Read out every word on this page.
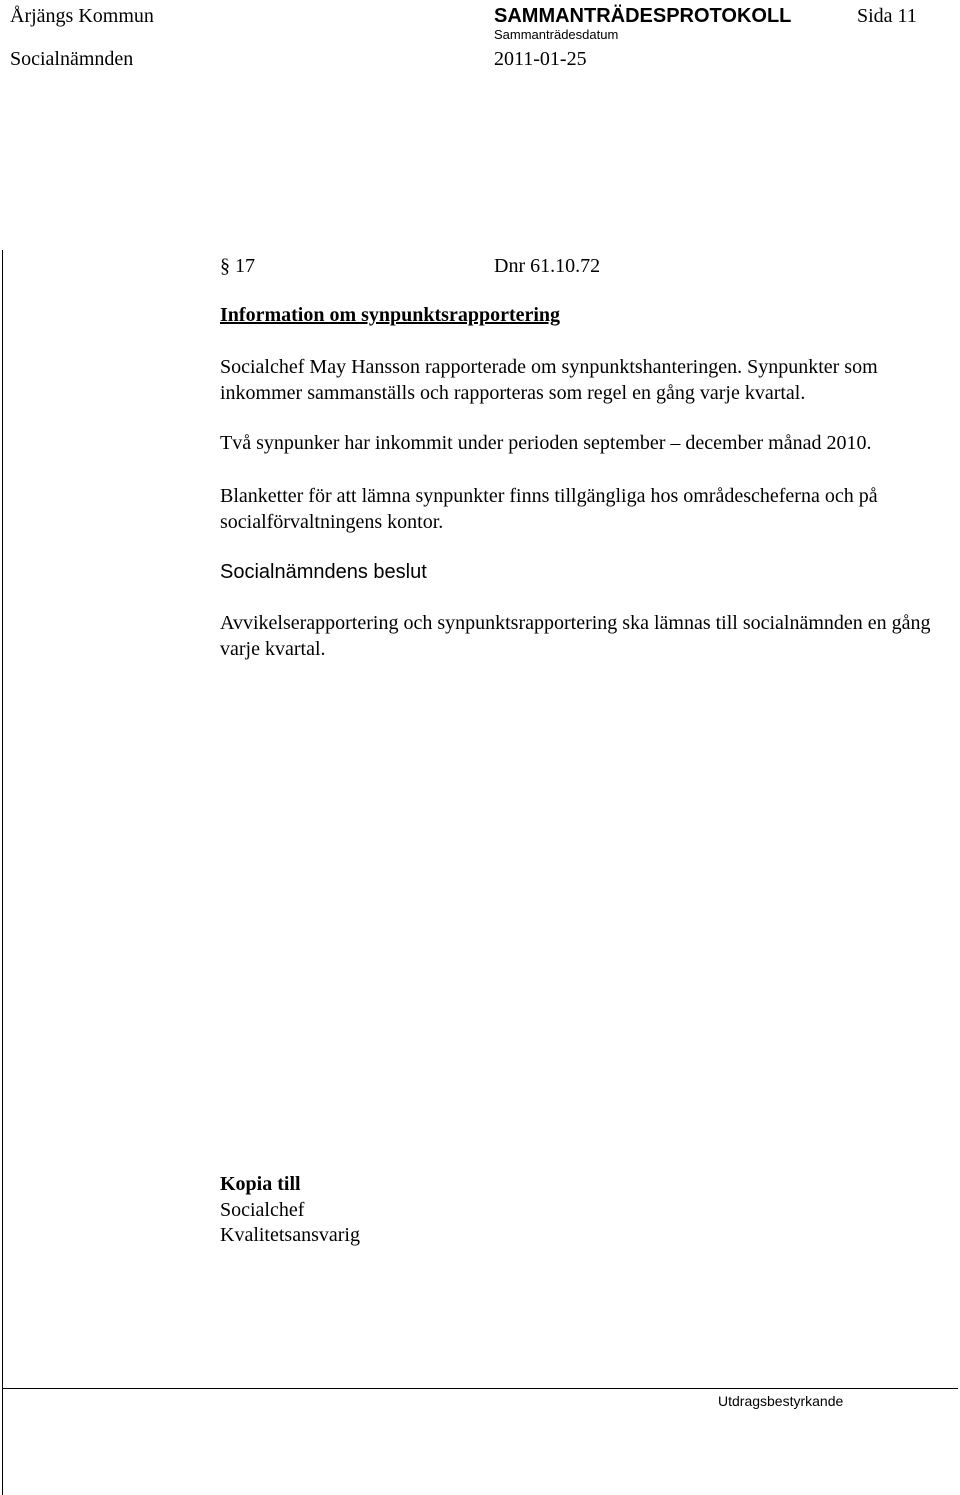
Årjängs Kommun	SAMMANTRÄDESPROTOKOLL	Sida 11
Socialnämnden
Sammanträdesdatum
2011-01-25
§ 17	Dnr 61.10.72
Information om synpunktsrapportering
Socialchef May Hansson rapporterade om synpunktshanteringen. Synpunkter som inkommer sammanställs och rapporteras som regel en gång varje kvartal.
Två synpunker har inkommit under perioden september – december månad 2010.
Blanketter för att lämna synpunkter finns tillgängliga hos områdescheferna och på socialförvaltningens kontor.
Socialnämndens beslut
Avvikelserapportering och synpunktsrapportering ska lämnas till socialnämnden en gång varje kvartal.
Kopia till
Socialchef
Kvalitetsansvarig
Utdragsbestyrkande
